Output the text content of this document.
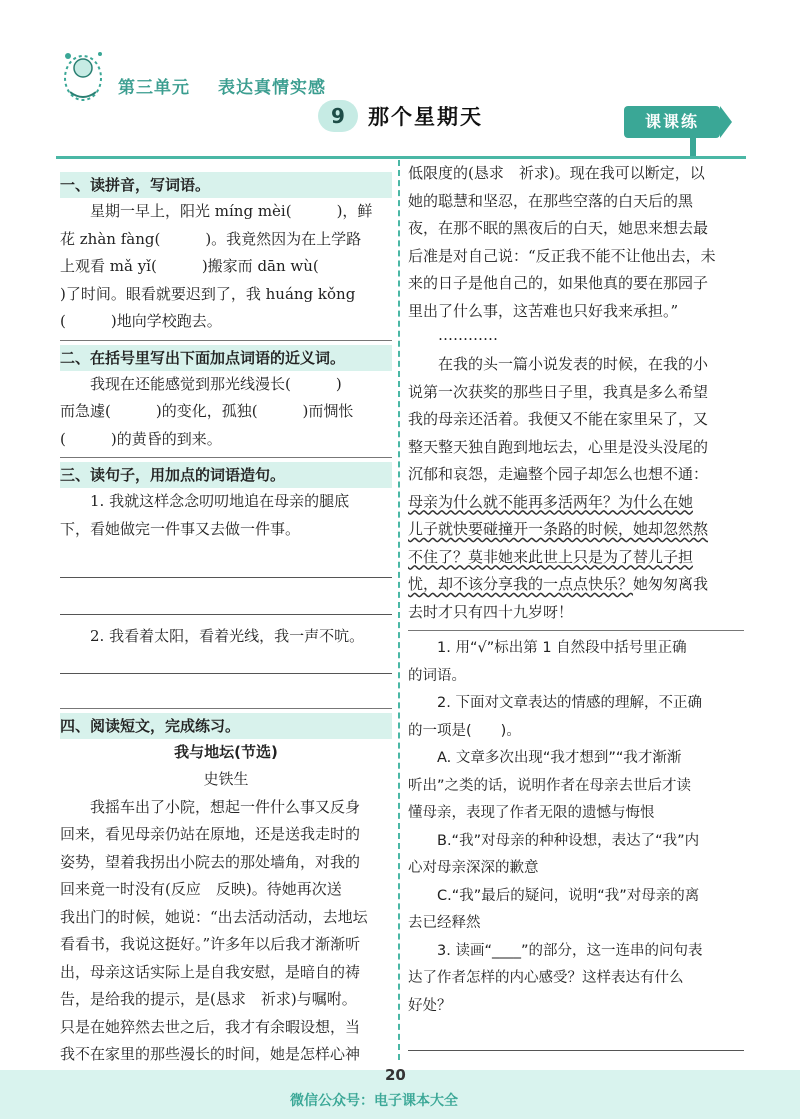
第三单元 表达真情实感
9	那个星期天	课课练
一、读拼音，写词语。

星期一早上，阳光 míng mèi(　　　)，鲜

花 zhàn fàng(　　　)。我竟然因为在上学路

上观看 mǎ yǐ(　　　)搬家而 dān wù(　　

)了时间。眼看就要迟到了，我 huáng kǒng

(　　　)地向学校跑去。

二、在括号里写出下面加点词语的近义词。

我现在还能感觉到那光线漫长(　　　)

而急遽(　　　)的变化，孤独(　　　)而惆怅

(　　　)的黄昏的到来。

三、读句子，用加点的词语造句。

1. 我就这样念念叨叨地追在母亲的腿底

下，看她做完一件事又去做一件事。

2. 我看着太阳，看着光线，我一声不吭。

四、阅读短文，完成练习。

我与地坛(节选)

史铁生

我摇车出了小院，想起一件什么事又反身

回来，看见母亲仍站在原地，还是送我走时的

姿势，望着我拐出小院去的那处墙角，对我的

回来竟一时没有(反应　反映)。待她再次送

我出门的时候，她说：“出去活动活动，去地坛

看看书，我说这挺好。”许多年以后我才渐渐听

出，母亲这话实际上是自我安慰，是暗自的祷

告，是给我的提示，是(恳求　祈求)与嘱咐。

只是在她猝然去世之后，我才有余暇设想，当

我不在家里的那些漫长的时间，她是怎样心神

低限度的(恳求　祈求)。现在我可以断定，以

她的聪慧和坚忍，在那些空落的白天后的黑

夜，在那不眠的黑夜后的白天，她思来想去最

后准是对自己说：“反正我不能不让他出去，未

来的日子是他自己的，如果他真的要在那园子

里出了什么事，这苦难也只好我来承担。”

…………

在我的头一篇小说发表的时候，在我的小

说第一次获奖的那些日子里，我真是多么希望

我的母亲还活着。我便又不能在家里呆了，又

整天整天独自跑到地坛去，心里是没头没尾的

沉郁和哀怨，走遍整个园子却怎么也想不通：

母亲为什么就不能再多活两年？为什么在她

儿子就快要碰撞开一条路的时候，她却忽然熬

不住了？莫非她来此世上只是为了替儿子担

忧，却不该分享我的一点点快乐？她匆匆离我

去时才只有四十九岁呀！

1. 用“√”标出第 1 自然段中括号里正确

的词语。

2. 下面对文章表达的情感的理解，不正确

的一项是(　　)。

A. 文章多次出现“我才想到”“我才渐渐

听出”之类的话，说明作者在母亲去世后才读

懂母亲，表现了作者无限的遗憾与悔恨

B.“我”对母亲的种种设想，表达了“我”内

心对母亲深深的歉意

C.“我”最后的疑问，说明“我”对母亲的离

去已经释然

3. 读画“____”的部分，这一连串的问句表

达了作者怎样的内心感受？这样表达有什么

好处？

20
微信公众号：电子课本大全
